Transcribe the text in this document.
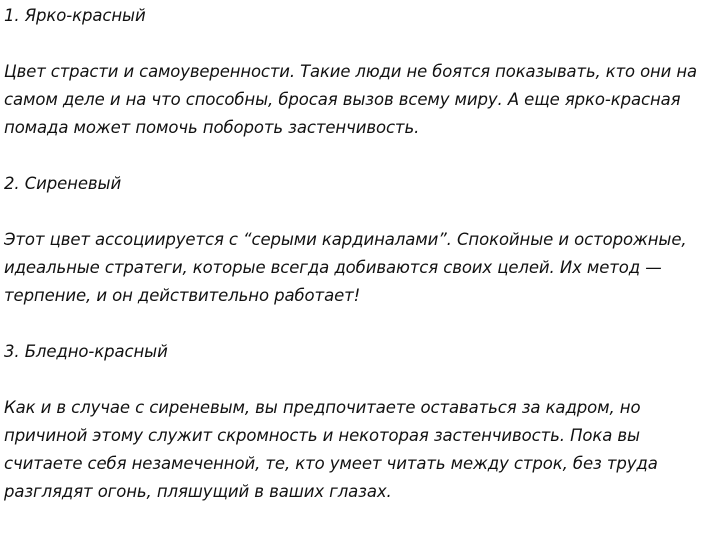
1. Ярко-красный
Цвет страсти и самоуверенности. Такие люди не боятся показывать, кто они на
самом деле и на что способны, бросая вызов всему миру. А еще ярко-красная
помада может помочь побороть застенчивость.
2. Сиреневый
Этот цвет ассоциируется с “серыми кардиналами”. Спокойные и осторожные,
идеальные стратеги, которые всегда добиваются своих целей. Их метод —
терпение, и он действительно работает!
3. Бледно-красный
Как и в случае с сиреневым, вы предпочитаете оставаться за кадром, но
причиной этому служит скромность и некоторая застенчивость. Пока вы
считаете себя незамеченной, те, кто умеет читать между строк, без труда
разглядят огонь, пляшущий в ваших глазах.
